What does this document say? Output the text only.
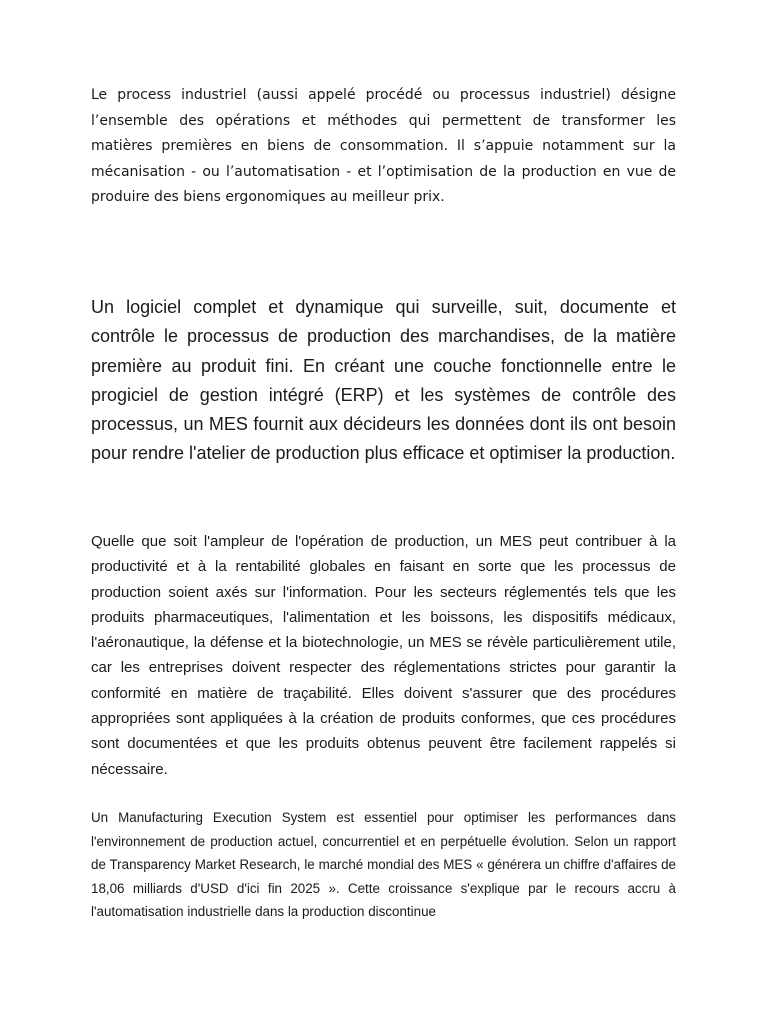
Le process industriel (aussi appelé procédé ou processus industriel) désigne l’ensemble des opérations et méthodes qui permettent de transformer les matières premières en biens de consommation. Il s’appuie notamment sur la mécanisation - ou l’automatisation - et l’optimisation de la production en vue de produire des biens ergonomiques au meilleur prix.

Un logiciel complet et dynamique qui surveille, suit, documente et contrôle le processus de production des marchandises, de la matière première au produit fini. En créant une couche fonctionnelle entre le progiciel de gestion intégré (ERP) et les systèmes de contrôle des processus, un MES fournit aux décideurs les données dont ils ont besoin pour rendre l'atelier de production plus efficace et optimiser la production.

Quelle que soit l'ampleur de l'opération de production, un MES peut contribuer à la productivité et à la rentabilité globales en faisant en sorte que les processus de production soient axés sur l'information. Pour les secteurs réglementés tels que les produits pharmaceutiques, l'alimentation et les boissons, les dispositifs médicaux, l'aéronautique, la défense et la biotechnologie, un MES se révèle particulièrement utile, car les entreprises doivent respecter des réglementations strictes pour garantir la conformité en matière de traçabilité. Elles doivent s'assurer que des procédures appropriées sont appliquées à la création de produits conformes, que ces procédures sont documentées et que les produits obtenus peuvent être facilement rappelés si nécessaire.

Un Manufacturing Execution System est essentiel pour optimiser les performances dans l'environnement de production actuel, concurrentiel et en perpétuelle évolution. Selon un rapport de Transparency Market Research, le marché mondial des MES « générera un chiffre d'affaires de 18,06 milliards d'USD d'ici fin 2025 ». Cette croissance s'explique par le recours accru à l'automatisation industrielle dans la production discontinue
